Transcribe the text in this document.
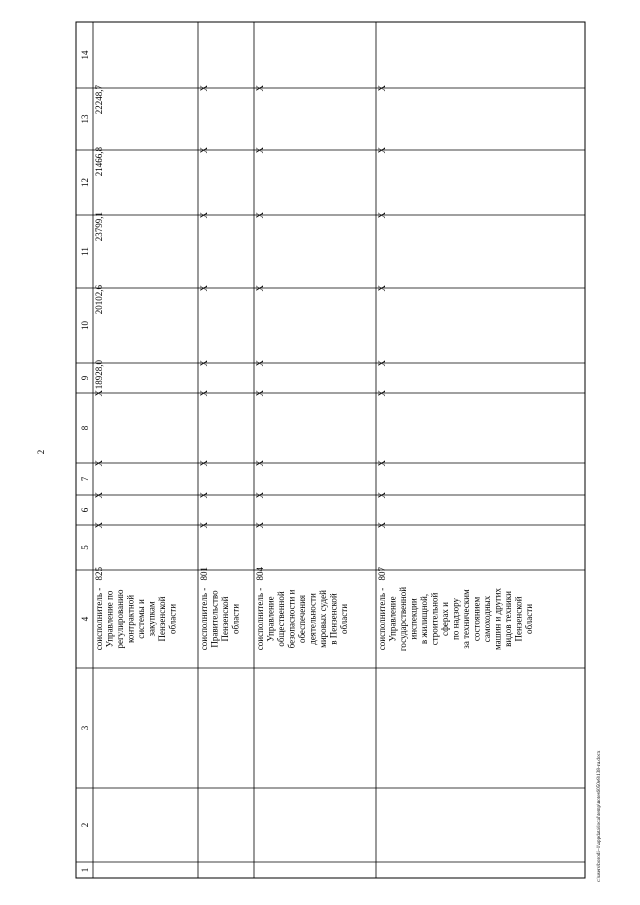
1
2
3
4
5
6
7
8
9
10
11
12
13
14
соисполнитель -Управление порегулированиюконтрактнойсистемы изакупкамПензенскойобласти
825
X
X
X
X
18928,0
20102,6
23799,1
21466,8
22248,7
соисполнитель -ПравительствоПензенскойобласти
801
X
X
X
X
X
X
X
X
X
соисполнитель -Управлениеобщественнойбезопасности иобеспечениядеятельностимировых судейв Пензенскойобласти
804
X
X
X
X
X
X
X
X
X
соисполнитель -Управлениегосударственнойинспекциив жилищной,строительнойсферах ипо надзоруза техническимсостояниемсамоходныхмашин и другихвидов техникиПензенскойобласти
807
X
X
X
X
X
X
X
X
X
2
c:\users\borodi~1\appdata\local\temp\notes6050e8\138-ru.docx
